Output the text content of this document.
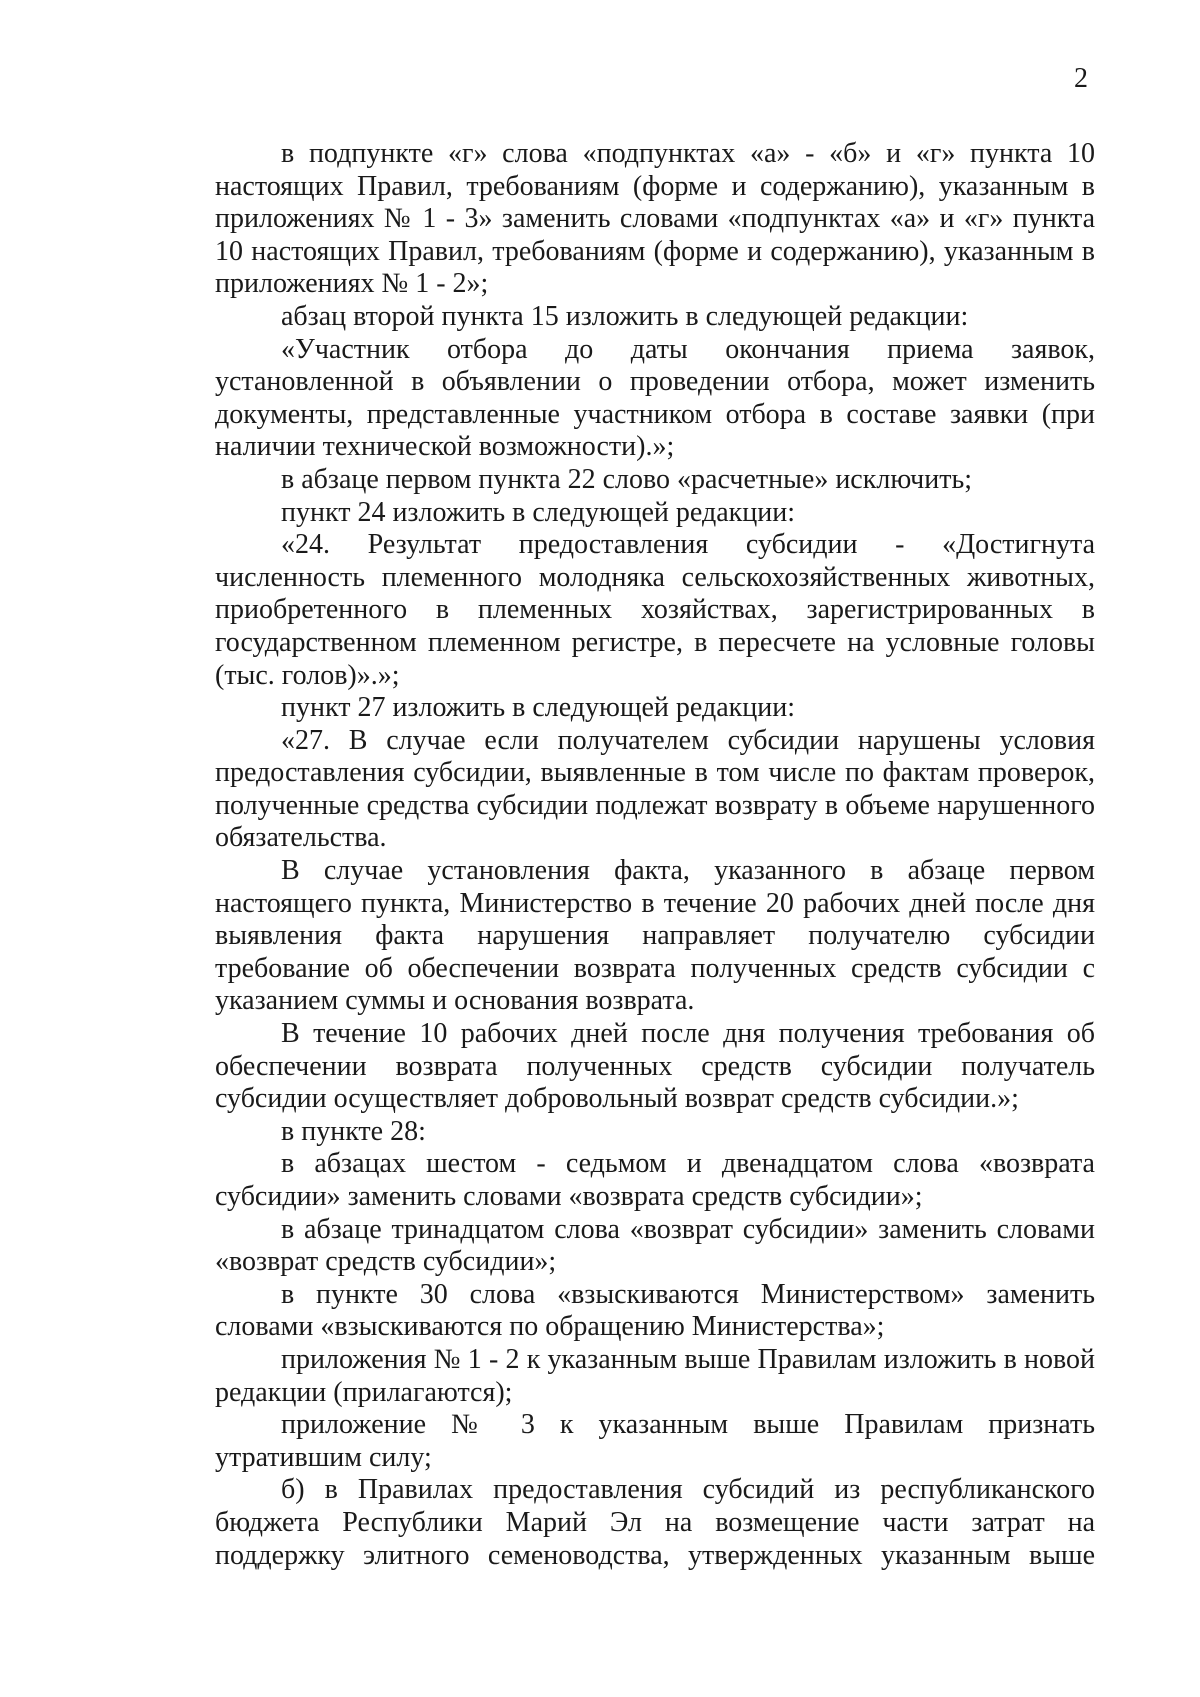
2

в подпункте «г» слова «подпунктах «а» - «б» и «г» пункта 10 настоящих Правил, требованиям (форме и содержанию), указанным в приложениях № 1 - 3» заменить словами «подпунктах «а» и «г» пункта 10 настоящих Правил, требованиям (форме и содержанию), указанным в приложениях № 1 - 2»;

абзац второй пункта 15 изложить в следующей редакции:

«Участник отбора до даты окончания приема заявок, установленной в объявлении о проведении отбора, может изменить документы, представленные участником отбора в составе заявки (при наличии технической возможности).»;

в абзаце первом пункта 22 слово «расчетные» исключить;

пункт 24 изложить в следующей редакции:

«24. Результат предоставления субсидии - «Достигнута численность племенного молодняка сельскохозяйственных животных, приобретенного в племенных хозяйствах, зарегистрированных в государственном племенном регистре, в пересчете на условные головы (тыс. голов)».»;

пункт 27 изложить в следующей редакции:

«27. В случае если получателем субсидии нарушены условия предоставления субсидии, выявленные в том числе по фактам проверок, полученные средства субсидии подлежат возврату в объеме нарушенного обязательства.

В случае установления факта, указанного в абзаце первом настоящего пункта, Министерство в течение 20 рабочих дней после дня выявления факта нарушения направляет получателю субсидии требование об обеспечении возврата полученных средств субсидии с указанием суммы и основания возврата.

В течение 10 рабочих дней после дня получения требования об обеспечении возврата полученных средств субсидии получатель субсидии осуществляет добровольный возврат средств субсидии.»;

в пункте 28:

в абзацах шестом - седьмом и двенадцатом слова «возврата субсидии» заменить словами «возврата средств субсидии»;

в абзаце тринадцатом слова «возврат субсидии» заменить словами «возврат средств субсидии»;

в пункте 30 слова «взыскиваются Министерством» заменить словами «взыскиваются по обращению Министерства»;

приложения № 1 - 2 к указанным выше Правилам изложить в новой редакции (прилагаются);

приложение № 3 к указанным выше Правилам признать утратившим силу;

б) в Правилах предоставления субсидий из республиканского бюджета Республики Марий Эл на возмещение части затрат на поддержку элитного семеноводства, утвержденных указанным выше
